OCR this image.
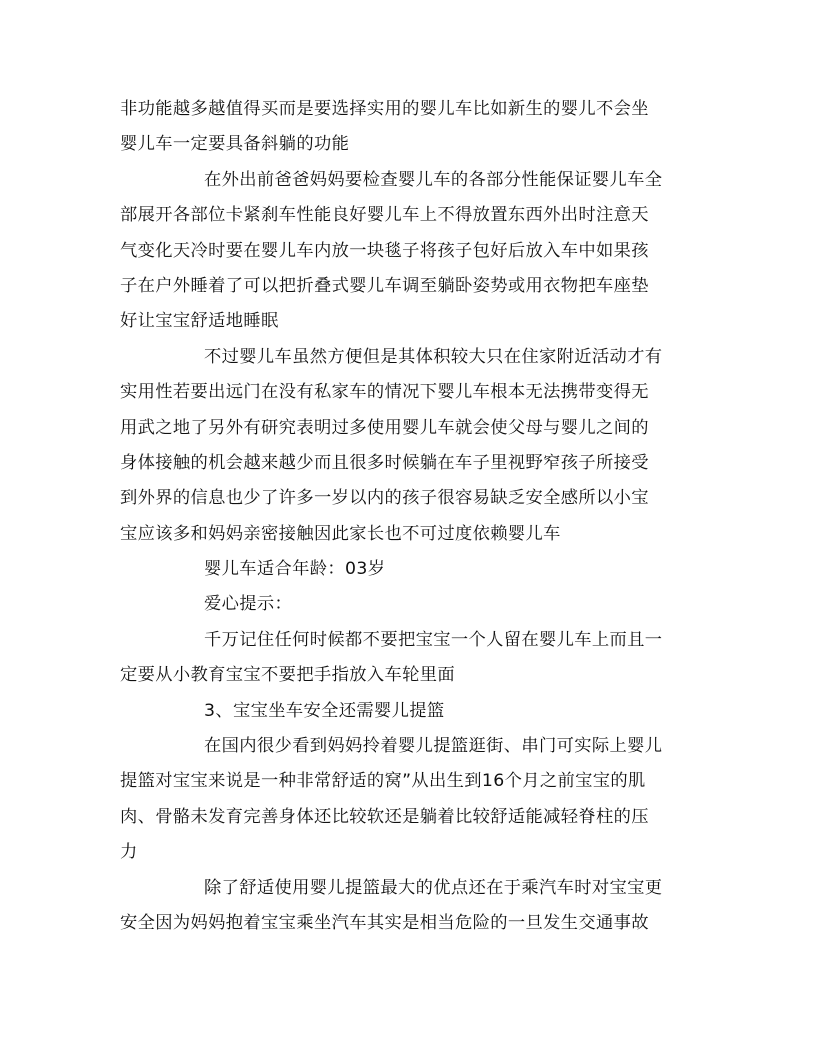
非功能越多越值得买而是要选择实用的婴儿车比如新生的婴儿不会坐
婴儿车一定要具备斜躺的功能
在外出前爸爸妈妈要检查婴儿车的各部分性能保证婴儿车全
部展开各部位卡紧刹车性能良好婴儿车上不得放置东西外出时注意天
气变化天冷时要在婴儿车内放一块毯子将孩子包好后放入车中如果孩
子在户外睡着了可以把折叠式婴儿车调至躺卧姿势或用衣物把车座垫
好让宝宝舒适地睡眠
不过婴儿车虽然方便但是其体积较大只在住家附近活动才有
实用性若要出远门在没有私家车的情况下婴儿车根本无法携带变得无
用武之地了另外有研究表明过多使用婴儿车就会使父母与婴儿之间的
身体接触的机会越来越少而且很多时候躺在车子里视野窄孩子所接受
到外界的信息也少了许多一岁以内的孩子很容易缺乏安全感所以小宝
宝应该多和妈妈亲密接触因此家长也不可过度依赖婴儿车
婴儿车适合年龄：03岁
爱心提示：
千万记住任何时候都不要把宝宝一个人留在婴儿车上而且一
定要从小教育宝宝不要把手指放入车轮里面
3、宝宝坐车安全还需婴儿提篮
在国内很少看到妈妈拎着婴儿提篮逛街、串门可实际上婴儿
提篮对宝宝来说是一种非常舒适的窝”从出生到16个月之前宝宝的肌
肉、骨骼未发育完善身体还比较软还是躺着比较舒适能减轻脊柱的压
力
除了舒适使用婴儿提篮最大的优点还在于乘汽车时对宝宝更
安全因为妈妈抱着宝宝乘坐汽车其实是相当危险的一旦发生交通事故
